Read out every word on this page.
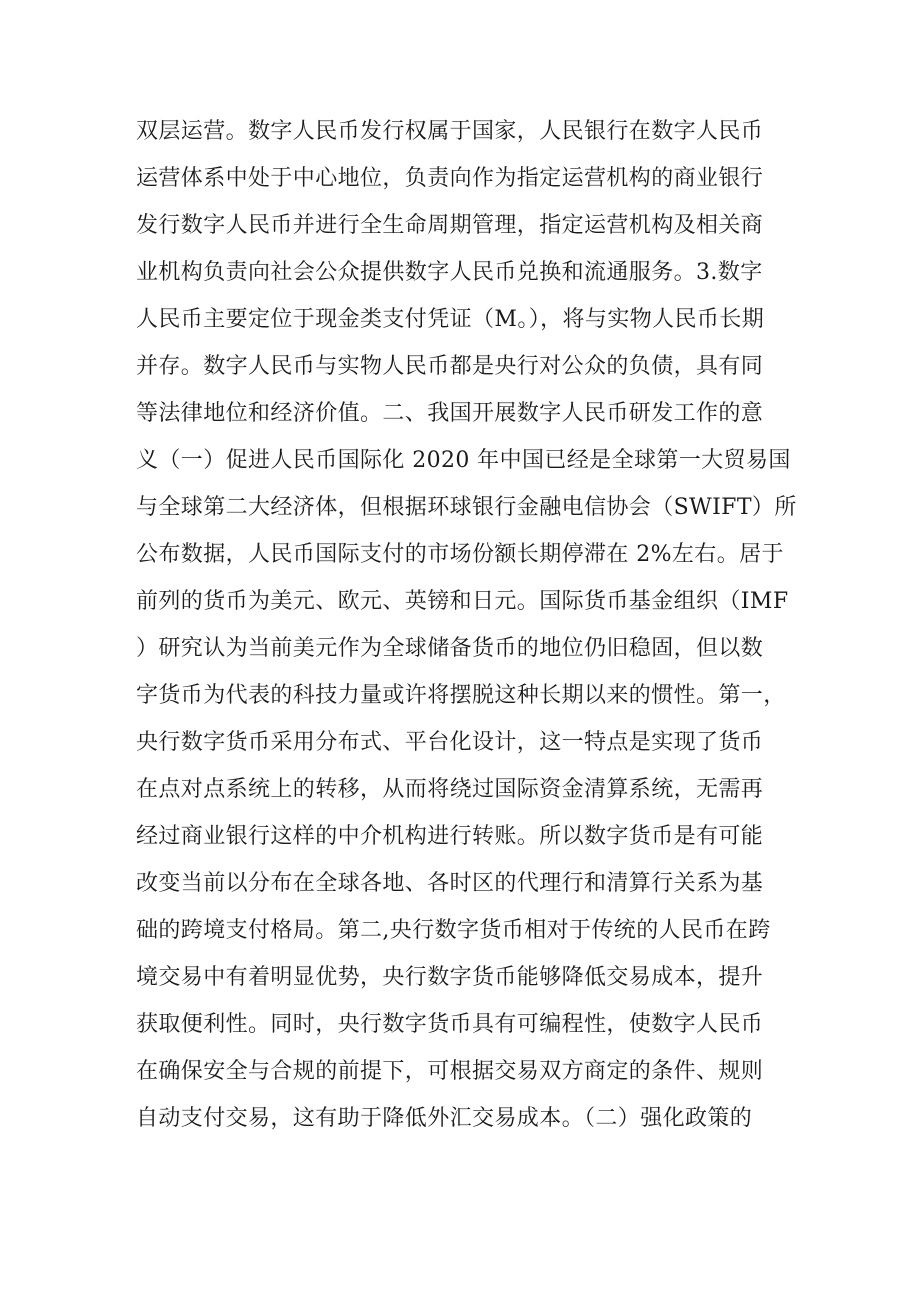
双层运营。数字人民币发行权属于国家，人民银行在数字人民币
运营体系中处于中心地位，负责向作为指定运营机构的商业银行
发行数字人民币并进行全生命周期管理，指定运营机构及相关商
业机构负责向社会公众提供数字人民币兑换和流通服务。3.数字
人民币主要定位于现金类支付凭证（M。），将与实物人民币长期
并存。数字人民币与实物人民币都是央行对公众的负债，具有同
等法律地位和经济价值。二、我国开展数字人民币研发工作的意
义（一）促进人民币国际化 2020 年中国已经是全球第一大贸易国
与全球第二大经济体，但根据环球银行金融电信协会（SWIFT）所
公布数据，人民币国际支付的市场份额长期停滞在 2%左右。居于
前列的货币为美元、欧元、英镑和日元。国际货币基金组织（IMF
）研究认为当前美元作为全球储备货币的地位仍旧稳固，但以数
字货币为代表的科技力量或许将摆脱这种长期以来的惯性。第一，
央行数字货币采用分布式、平台化设计，这一特点是实现了货币
在点对点系统上的转移，从而将绕过国际资金清算系统，无需再
经过商业银行这样的中介机构进行转账。所以数字货币是有可能
改变当前以分布在全球各地、各时区的代理行和清算行关系为基
础的跨境支付格局。第二,央行数字货币相对于传统的人民币在跨
境交易中有着明显优势，央行数字货币能够降低交易成本，提升
获取便利性。同时，央行数字货币具有可编程性，使数字人民币
在确保安全与合规的前提下，可根据交易双方商定的条件、规则
自动支付交易，这有助于降低外汇交易成本。（二）强化政策的
